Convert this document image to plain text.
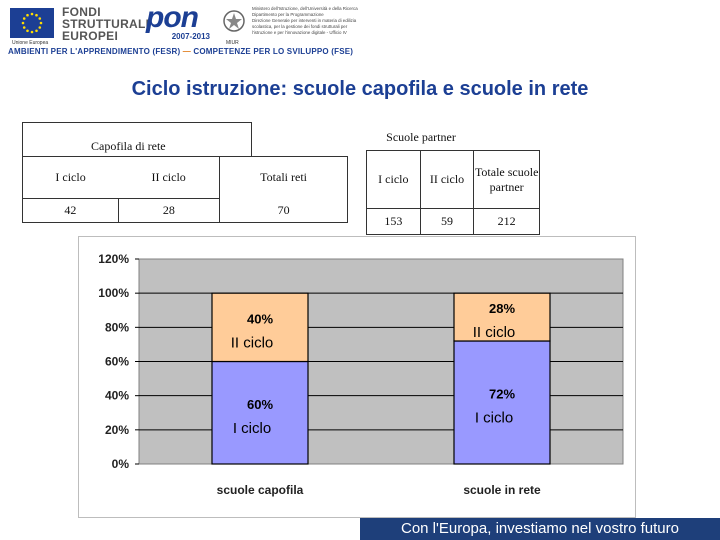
Unione Europea
FONDI
STRUTTURALI
EUROPEI
pon
2007-2013
MIUR
Ministero dell'Istruzione, dell'Università e della Ricerca
Dipartimento per la Programmazione
Direzione Generale per interventi in materia di edilizia
scolastica, per la gestione dei fondi strutturali per
l'istruzione e per l'innovazione digitale - Ufficio IV
AMBIENTI PER L'APPRENDIMENTO (FESR) — COMPETENZE PER LO SVILUPPO (FSE)
Ciclo istruzione: scuole capofila e scuole in rete
Capofila di rete
I ciclo	II ciclo	Totali reti
42	28	70
Scuole partner
I ciclo	II ciclo	Totale scuole partner
153	59	212
0%
20%
40%
60%
80%
100%
120%
60%
I ciclo
40%
II ciclo
scuole capofila
72%
I ciclo
28%
II ciclo
scuole in rete
Con l'Europa, investiamo nel vostro futuro
